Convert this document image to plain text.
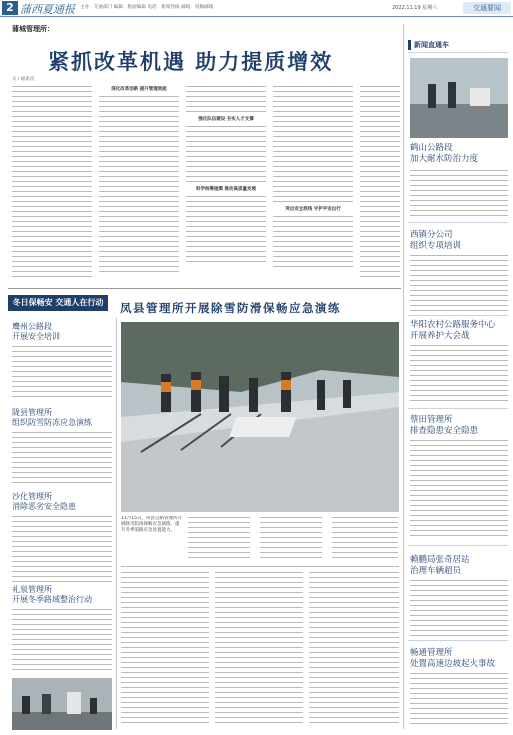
2 蒲西夏通报 主办：交通部门 编辑：版面编辑 电话：新闻热线 邮箱：投稿邮箱	2022.11.19 星期六	交通要闻
蒲城管理所：
紧抓改革机遇 助力提质增效
文 / 通讯员
深化改革创新 提升管理效能
强化队伍建设 夯实人才支撑
科学统筹施策 推动高质量发展
突出安全底线 守护平安出行
新闻直通车
鹤山公路段
加大耐水防治力度
西镇分公司
组织专项培训
华阳农村公路服务中心
开展养护大会战
蔡田管理所
排查隐患安全隐患
赖鹏局张奇居站
治理车辆超员
畅通管理所
处置高速边坡起火事故
冬日保畅安 交通人在行动	凤县管理所开展除雪防滑保畅应急演练
鹰州公路段
开展安全培训
陇县管理所
组织防雪防冻应急演练
沙化管理所
消除恶劣安全隐患
礼泉管理所
开展冬季路域整治行动
11月15日，凤县公路管理所开展除雪防滑保畅应急演练，提升冬季道路应急处置能力。
